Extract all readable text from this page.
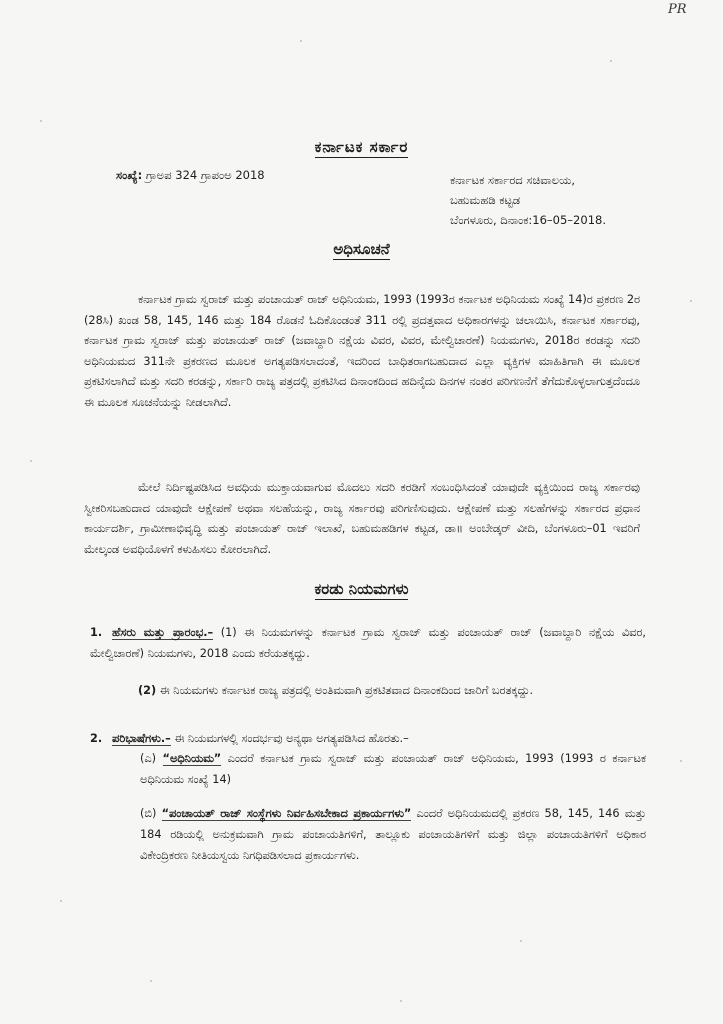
PR
ಕರ್ನಾಟಕ ಸರ್ಕಾರ
ಸಂಖ್ಯೆ: ಗ್ರಾಅಪ 324 ಗ್ರಾಪಂಅ 2018	ಕರ್ನಾಟಕ ಸರ್ಕಾರದ ಸಚಿವಾಲಯ,
ಬಹುಮಹಡಿ ಕಟ್ಟಡ
ಬೆಂಗಳೂರು, ದಿನಾಂಕ:16–05–2018.
ಅಧಿಸೂಚನೆ

ಕರ್ನಾಟಕ ಗ್ರಾಮ ಸ್ವರಾಜ್ ಮತ್ತು ಪಂಚಾಯತ್ ರಾಜ್ ಅಧಿನಿಯಮ, 1993 (1993ರ ಕರ್ನಾಟಕ ಅಧಿನಿಯಮ ಸಂಖ್ಯೆ 14)ರ ಪ್ರಕರಣ 2ರ (28ಸಿ) ಖಂಡ 58, 145, 146 ಮತ್ತು 184 ರೊಡನೆ ಓದಿಕೊಂಡಂತೆ 311 ರಲ್ಲಿ ಪ್ರದತ್ತವಾದ ಅಧಿಕಾರಗಳನ್ನು ಚಲಾಯಿಸಿ, ಕರ್ನಾಟಕ ಸರ್ಕಾರವು, ಕರ್ನಾಟಕ ಗ್ರಾಮ ಸ್ವರಾಜ್ ಮತ್ತು ಪಂಚಾಯತ್ ರಾಜ್ (ಜವಾಬ್ದಾರಿ ನಕ್ಷೆಯ ವಿವರ, ವಿವರ, ಮೇಲ್ವಿಚಾರಣೆ) ನಿಯಮಗಳು, 2018ರ ಕರಡನ್ನು ಸದರಿ ಅಧಿನಿಯಮದ 311ನೇ ಪ್ರಕರಣದ ಮೂಲಕ ಅಗತ್ಯಪಡಿಸಲಾದಂತೆ, ಇದರಿಂದ ಬಾಧಿತರಾಗಬಹುದಾದ ಎಲ್ಲಾ ವ್ಯಕ್ತಿಗಳ ಮಾಹಿತಿಗಾಗಿ ಈ ಮೂಲಕ ಪ್ರಕಟಿಸಲಾಗಿದೆ ಮತ್ತು ಸದರಿ ಕರಡನ್ನು, ಸರ್ಕಾರಿ ರಾಜ್ಯ ಪತ್ರದಲ್ಲಿ ಪ್ರಕಟಿಸಿದ ದಿನಾಂಕದಿಂದ ಹದಿನೈದು ದಿನಗಳ ನಂತರ ಪರಿಗಣನೆಗೆ ತೆಗೆದುಕೊಳ್ಳಲಾಗುತ್ತದೆಂದೂ ಈ ಮೂಲಕ ಸೂಚನೆಯನ್ನು ನೀಡಲಾಗಿದೆ.

ಮೇಲೆ ನಿರ್ದಿಷ್ಟಪಡಿಸಿದ ಅವಧಿಯ ಮುಕ್ತಾಯವಾಗುವ ಮೊದಲು ಸದರಿ ಕರಡಿಗೆ ಸಂಬಂಧಿಸಿದಂತೆ ಯಾವುದೇ ವ್ಯಕ್ತಿಯಿಂದ ರಾಜ್ಯ ಸರ್ಕಾರವು ಸ್ವೀಕರಿಸಬಹುದಾದ ಯಾವುದೇ ಆಕ್ಷೇಪಣೆ ಅಥವಾ ಸಲಹೆಯನ್ನು, ರಾಜ್ಯ ಸರ್ಕಾರವು ಪರಿಗಣಿಸುವುದು. ಆಕ್ಷೇಪಣೆ ಮತ್ತು ಸಲಹೆಗಳನ್ನು ಸರ್ಕಾರದ ಪ್ರಧಾನ ಕಾರ್ಯದರ್ಶಿ, ಗ್ರಾಮೀಣಾಭಿವೃದ್ಧಿ ಮತ್ತು ಪಂಚಾಯತ್ ರಾಜ್ ಇಲಾಖೆ, ಬಹುಮಹಡಿಗಳ ಕಟ್ಟಡ, ಡಾ॥ ಅಂಬೇಡ್ಕರ್ ವೀದಿ, ಬೆಂಗಳೂರು–01 ಇವರಿಗೆ ಮೇಲ್ಕಂಡ ಅವಧಿಯೊಳಗೆ ಕಳುಹಿಸಲು ಕೋರಲಾಗಿದೆ.

ಕರಡು ನಿಯಮಗಳು
1. ಹೆಸರು ಮತ್ತು ಪ್ರಾರಂಭ.– (1) ಈ ನಿಯಮಗಳನ್ನು ಕರ್ನಾಟಕ ಗ್ರಾಮ ಸ್ವರಾಜ್ ಮತ್ತು ಪಂಚಾಯತ್ ರಾಜ್ (ಜವಾಬ್ದಾರಿ ನಕ್ಷೆಯ ವಿವರ, ಮೇಲ್ವಿಚಾರಣೆ) ನಿಯಮಗಳು, 2018 ಎಂದು ಕರೆಯತಕ್ಕದ್ದು.
(2) ಈ ನಿಯಮಗಳು ಕರ್ನಾಟಕ ರಾಜ್ಯ ಪತ್ರದಲ್ಲಿ ಅಂತಿಮವಾಗಿ ಪ್ರಕಟಿತವಾದ ದಿನಾಂಕದಿಂದ ಜಾರಿಗೆ ಬರತಕ್ಕದ್ದು.
2. ಪರಿಭಾಷೆಗಳು.– ಈ ನಿಯಮಗಳಲ್ಲಿ ಸಂದರ್ಭವು ಅನ್ಯಥಾ ಅಗತ್ಯಪಡಿಸಿದ ಹೊರತು.–
(ಎ) “ಅಧಿನಿಯಮ” ಎಂದರೆ ಕರ್ನಾಟಕ ಗ್ರಾಮ ಸ್ವರಾಜ್ ಮತ್ತು ಪಂಚಾಯತ್ ರಾಜ್ ಅಧಿನಿಯಮ, 1993 (1993 ರ ಕರ್ನಾಟಕ ಅಧಿನಿಯಮ ಸಂಖ್ಯೆ 14)
(ಬಿ) “ಪಂಚಾಯತ್ ರಾಜ್ ಸಂಸ್ಥೆಗಳು ನಿರ್ವಹಿಸಬೇಕಾದ ಪ್ರಕಾರ್ಯಗಳು” ಎಂದರೆ ಅಧಿನಿಯಮದಲ್ಲಿ ಪ್ರಕರಣ 58, 145, 146 ಮತ್ತು 184 ರಡಿಯಲ್ಲಿ ಅನುಕ್ರಮವಾಗಿ ಗ್ರಾಮ ಪಂಚಾಯತಿಗಳಿಗೆ, ತಾಲ್ಲೂಕು ಪಂಚಾಯತಿಗಳಿಗೆ ಮತ್ತು ಜಿಲ್ಲಾ ಪಂಚಾಯತಿಗಳಿಗೆ ಅಧಿಕಾರ ವಿಕೇಂದ್ರಿಕರಣ ನೀತಿಯಸ್ವಯ ನಿಗಧಿಪಡಿಸಲಾದ ಪ್ರಕಾರ್ಯಗಳು.
